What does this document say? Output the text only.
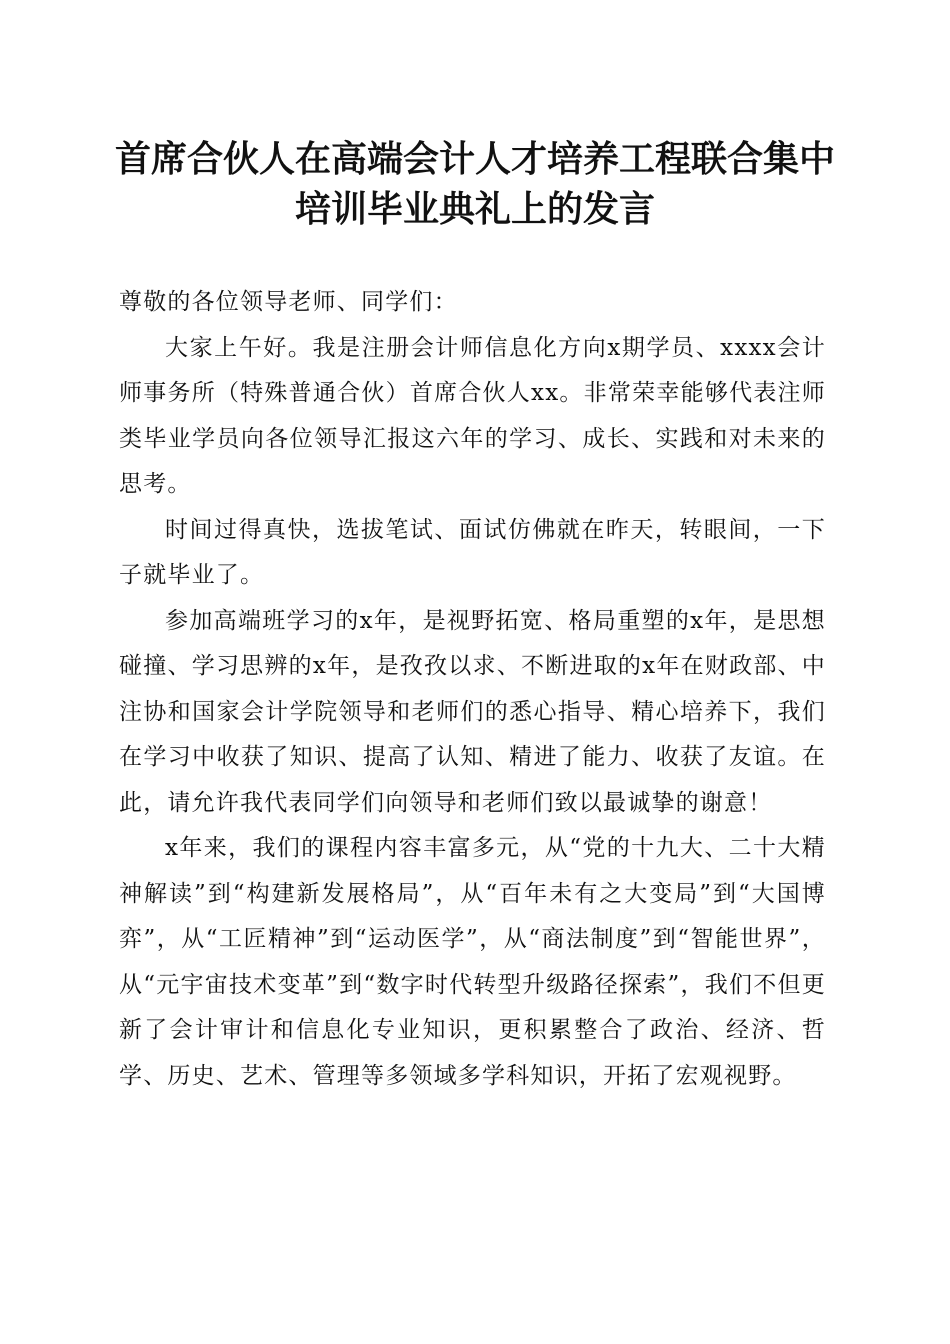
首席合伙人在高端会计人才培养工程联合集中
培训毕业典礼上的发言

尊敬的各位领导老师、同学们：

大家上午好。我是注册会计师信息化方向x期学员、xxxx会计师事务所（特殊普通合伙）首席合伙人xx。非常荣幸能够代表注师类毕业学员向各位领导汇报这六年的学习、成长、实践和对未来的思考。

时间过得真快，选拔笔试、面试仿佛就在昨天，转眼间，一下子就毕业了。

参加高端班学习的x年，是视野拓宽、格局重塑的x年，是思想碰撞、学习思辨的x年，是孜孜以求、不断进取的x年在财政部、中注协和国家会计学院领导和老师们的悉心指导、精心培养下，我们在学习中收获了知识、提高了认知、精进了能力、收获了友谊。在此，请允许我代表同学们向领导和老师们致以最诚挚的谢意！

x年来，我们的课程内容丰富多元，从“党的十九大、二十大精神解读”到“构建新发展格局”，从“百年未有之大变局”到“大国博弈”，从“工匠精神”到“运动医学”，从“商法制度”到“智能世界”，从“元宇宙技术变革”到“数字时代转型升级路径探索”，我们不但更新了会计审计和信息化专业知识，更积累整合了政治、经济、哲学、历史、艺术、管理等多领域多学科知识，开拓了宏观视野。
